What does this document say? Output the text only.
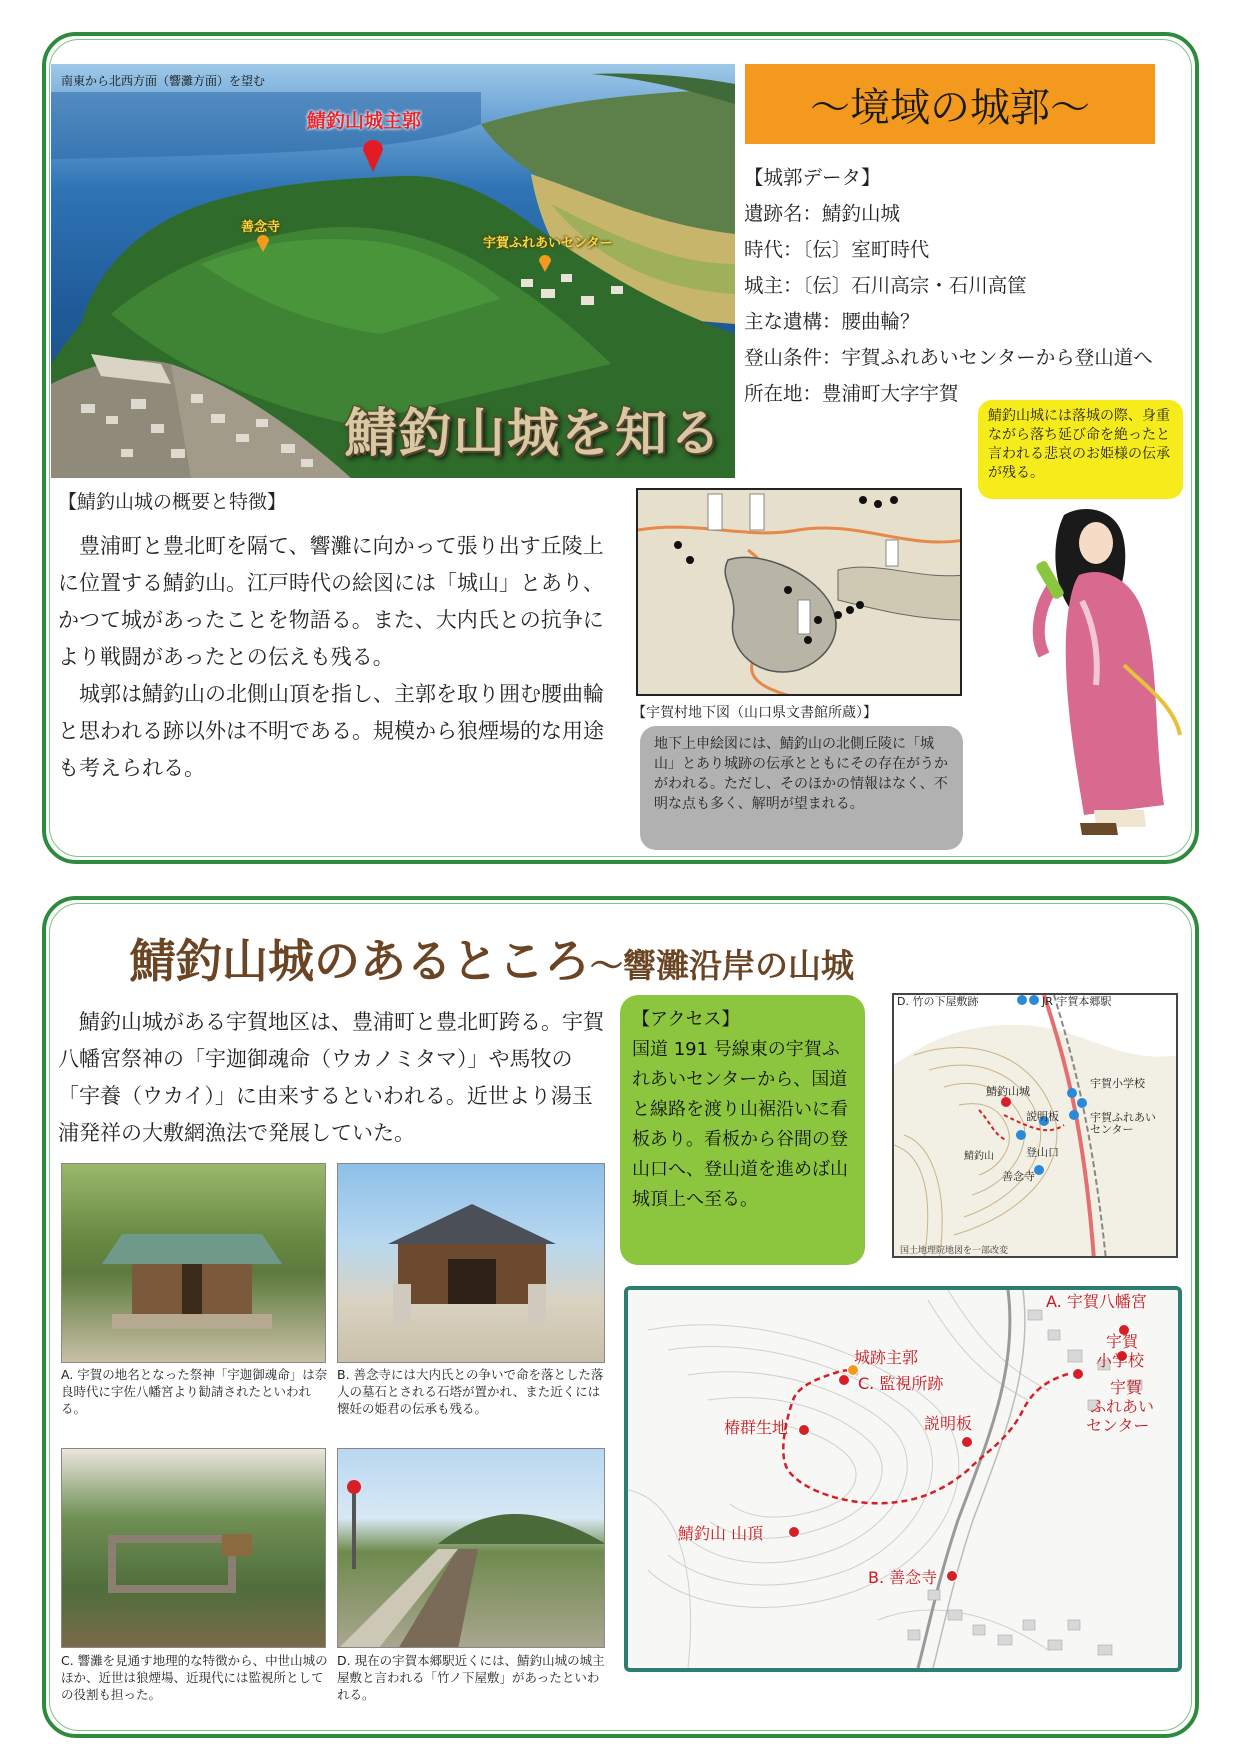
南東から北西方面（響灘方面）を望む
鯖釣山城主郭
善念寺
宇賀ふれあいセンター
鯖釣山城を知る
～境域の城郭～
【城郭データ】
遺跡名：鯖釣山城
時代：〔伝〕室町時代
城主：〔伝〕石川高宗・石川高筐
主な遺構：腰曲輪？
登山条件：宇賀ふれあいセンターから登山道へ
所在地：豊浦町大字宇賀
鯖釣山城には落城の際、身重ながら落ち延び命を絶ったと言われる悲哀のお姫様の伝承が残る。
【鯖釣山城の概要と特徴】

豊浦町と豊北町を隔て、響灘に向かって張り出す丘陵上に位置する鯖釣山。江戸時代の絵図には「城山」とあり、かつて城があったことを物語る。また、大内氏との抗争により戦闘があったとの伝えも残る。

城郭は鯖釣山の北側山頂を指し、主郭を取り囲む腰曲輪と思われる跡以外は不明である。規模から狼煙場的な用途も考えられる。

【宇賀村地下図（山口県文書館所蔵）】
地下上申絵図には、鯖釣山の北側丘陵に「城山」とあり城跡の伝承とともにその存在がうかがわれる。ただし、そのほかの情報はなく、不明な点も多く、解明が望まれる。
鯖釣山城のあるところ～響灘沿岸の山城

鯖釣山城がある宇賀地区は、豊浦町と豊北町跨る。宇賀八幡宮祭神の「宇迦御魂命（ウカノミタマ）」や馬牧の「宇養（ウカイ）」に由来するといわれる。近世より湯玉浦発祥の大敷網漁法で発展していた。

【アクセス】
国道 191 号線東の宇賀ふれあいセンターから、国道と線路を渡り山裾沿いに看板あり。看板から谷間の登山口へ、登山道を進めば山城頂上へ至る。
D. 竹の下屋敷跡	JR 宇賀本郷駅
宇賀小学校
鯖釣山城
説明板	宇賀ふれあい
センター
登山口
鯖釣山
善念寺
国土地理院地図を一部改変
A. 宇賀の地名となった祭神「宇迦御魂命」は奈良時代に宇佐八幡宮より勧請されたといわれる。
B. 善念寺には大内氏との争いで命を落とした落人の墓石とされる石塔が置かれ、また近くには懐妊の姫君の伝承も残る。
C. 響灘を見通す地理的な特徴から、中世山城のほか、近世は狼煙場、近現代には監視所としての役割も担った。
D. 現在の宇賀本郷駅近くには、鯖釣山城の城主屋敷と言われる「竹ノ下屋敷」があったといわれる。
A. 宇賀八幡宮
宇賀
小学校
宇賀
ふれあい
センター
城跡主郭
C. 監視所跡
椿群生地	説明板
鯖釣山 山頂
B. 善念寺
